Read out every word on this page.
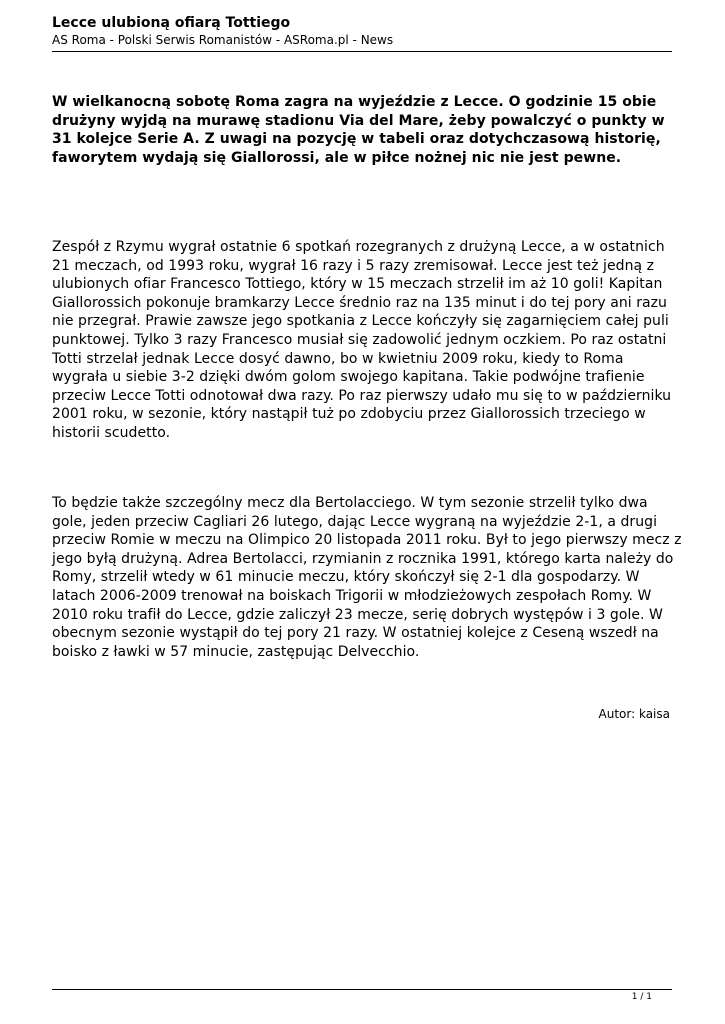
Lecce ulubioną ofiarą Tottiego
AS Roma - Polski Serwis Romanistów - ASRoma.pl - News
W wielkanocną sobotę Roma zagra na wyjeździe z Lecce. O godzinie 15 obie drużyny wyjdą na murawę stadionu Via del Mare, żeby powalczyć o punkty w 31 kolejce Serie A. Z uwagi na pozycję w tabeli oraz dotychczasową historię, faworytem wydają się Giallorossi, ale w piłce nożnej nic nie jest pewne.
Zespół z Rzymu wygrał ostatnie 6 spotkań rozegranych z drużyną Lecce, a w ostatnich 21 meczach, od 1993 roku, wygrał 16 razy i 5 razy zremisował. Lecce jest też jedną z ulubionych ofiar Francesco Tottiego, który w 15 meczach strzelił im aż 10 goli! Kapitan Giallorossich pokonuje bramkarzy Lecce średnio raz na 135 minut i do tej pory ani razu nie przegrał. Prawie zawsze jego spotkania z Lecce kończyły się zagarnięciem całej puli punktowej. Tylko 3 razy Francesco musiał się zadowolić jednym oczkiem. Po raz ostatni Totti strzelał jednak Lecce dosyć dawno, bo w kwietniu 2009 roku, kiedy to Roma wygrała u siebie 3-2 dzięki dwóm golom swojego kapitana. Takie podwójne trafienie przeciw Lecce Totti odnotował dwa razy. Po raz pierwszy udało mu się to w październiku 2001 roku, w sezonie, który nastąpił tuż po zdobyciu przez Giallorossich trzeciego w historii scudetto.
To będzie także szczególny mecz dla Bertolacciego. W tym sezonie strzelił tylko dwa gole, jeden przeciw Cagliari 26 lutego, dając Lecce wygraną na wyjeździe 2-1, a drugi przeciw Romie w meczu na Olimpico 20 listopada 2011 roku. Był to jego pierwszy mecz z jego byłą drużyną. Adrea Bertolacci, rzymianin z rocznika 1991, którego karta należy do Romy, strzelił wtedy w 61 minucie meczu, który skończył się 2-1 dla gospodarzy. W latach 2006-2009 trenował na boiskach Trigorii w młodzieżowych zespołach Romy. W 2010 roku trafił do Lecce, gdzie zaliczył 23 mecze, serię dobrych występów i 3 gole. W obecnym sezonie wystąpił do tej pory 21 razy. W ostatniej kolejce z Ceseną wszedł na boisko z ławki w 57 minucie, zastępując Delvecchio.
Autor: kaisa
1 / 1
